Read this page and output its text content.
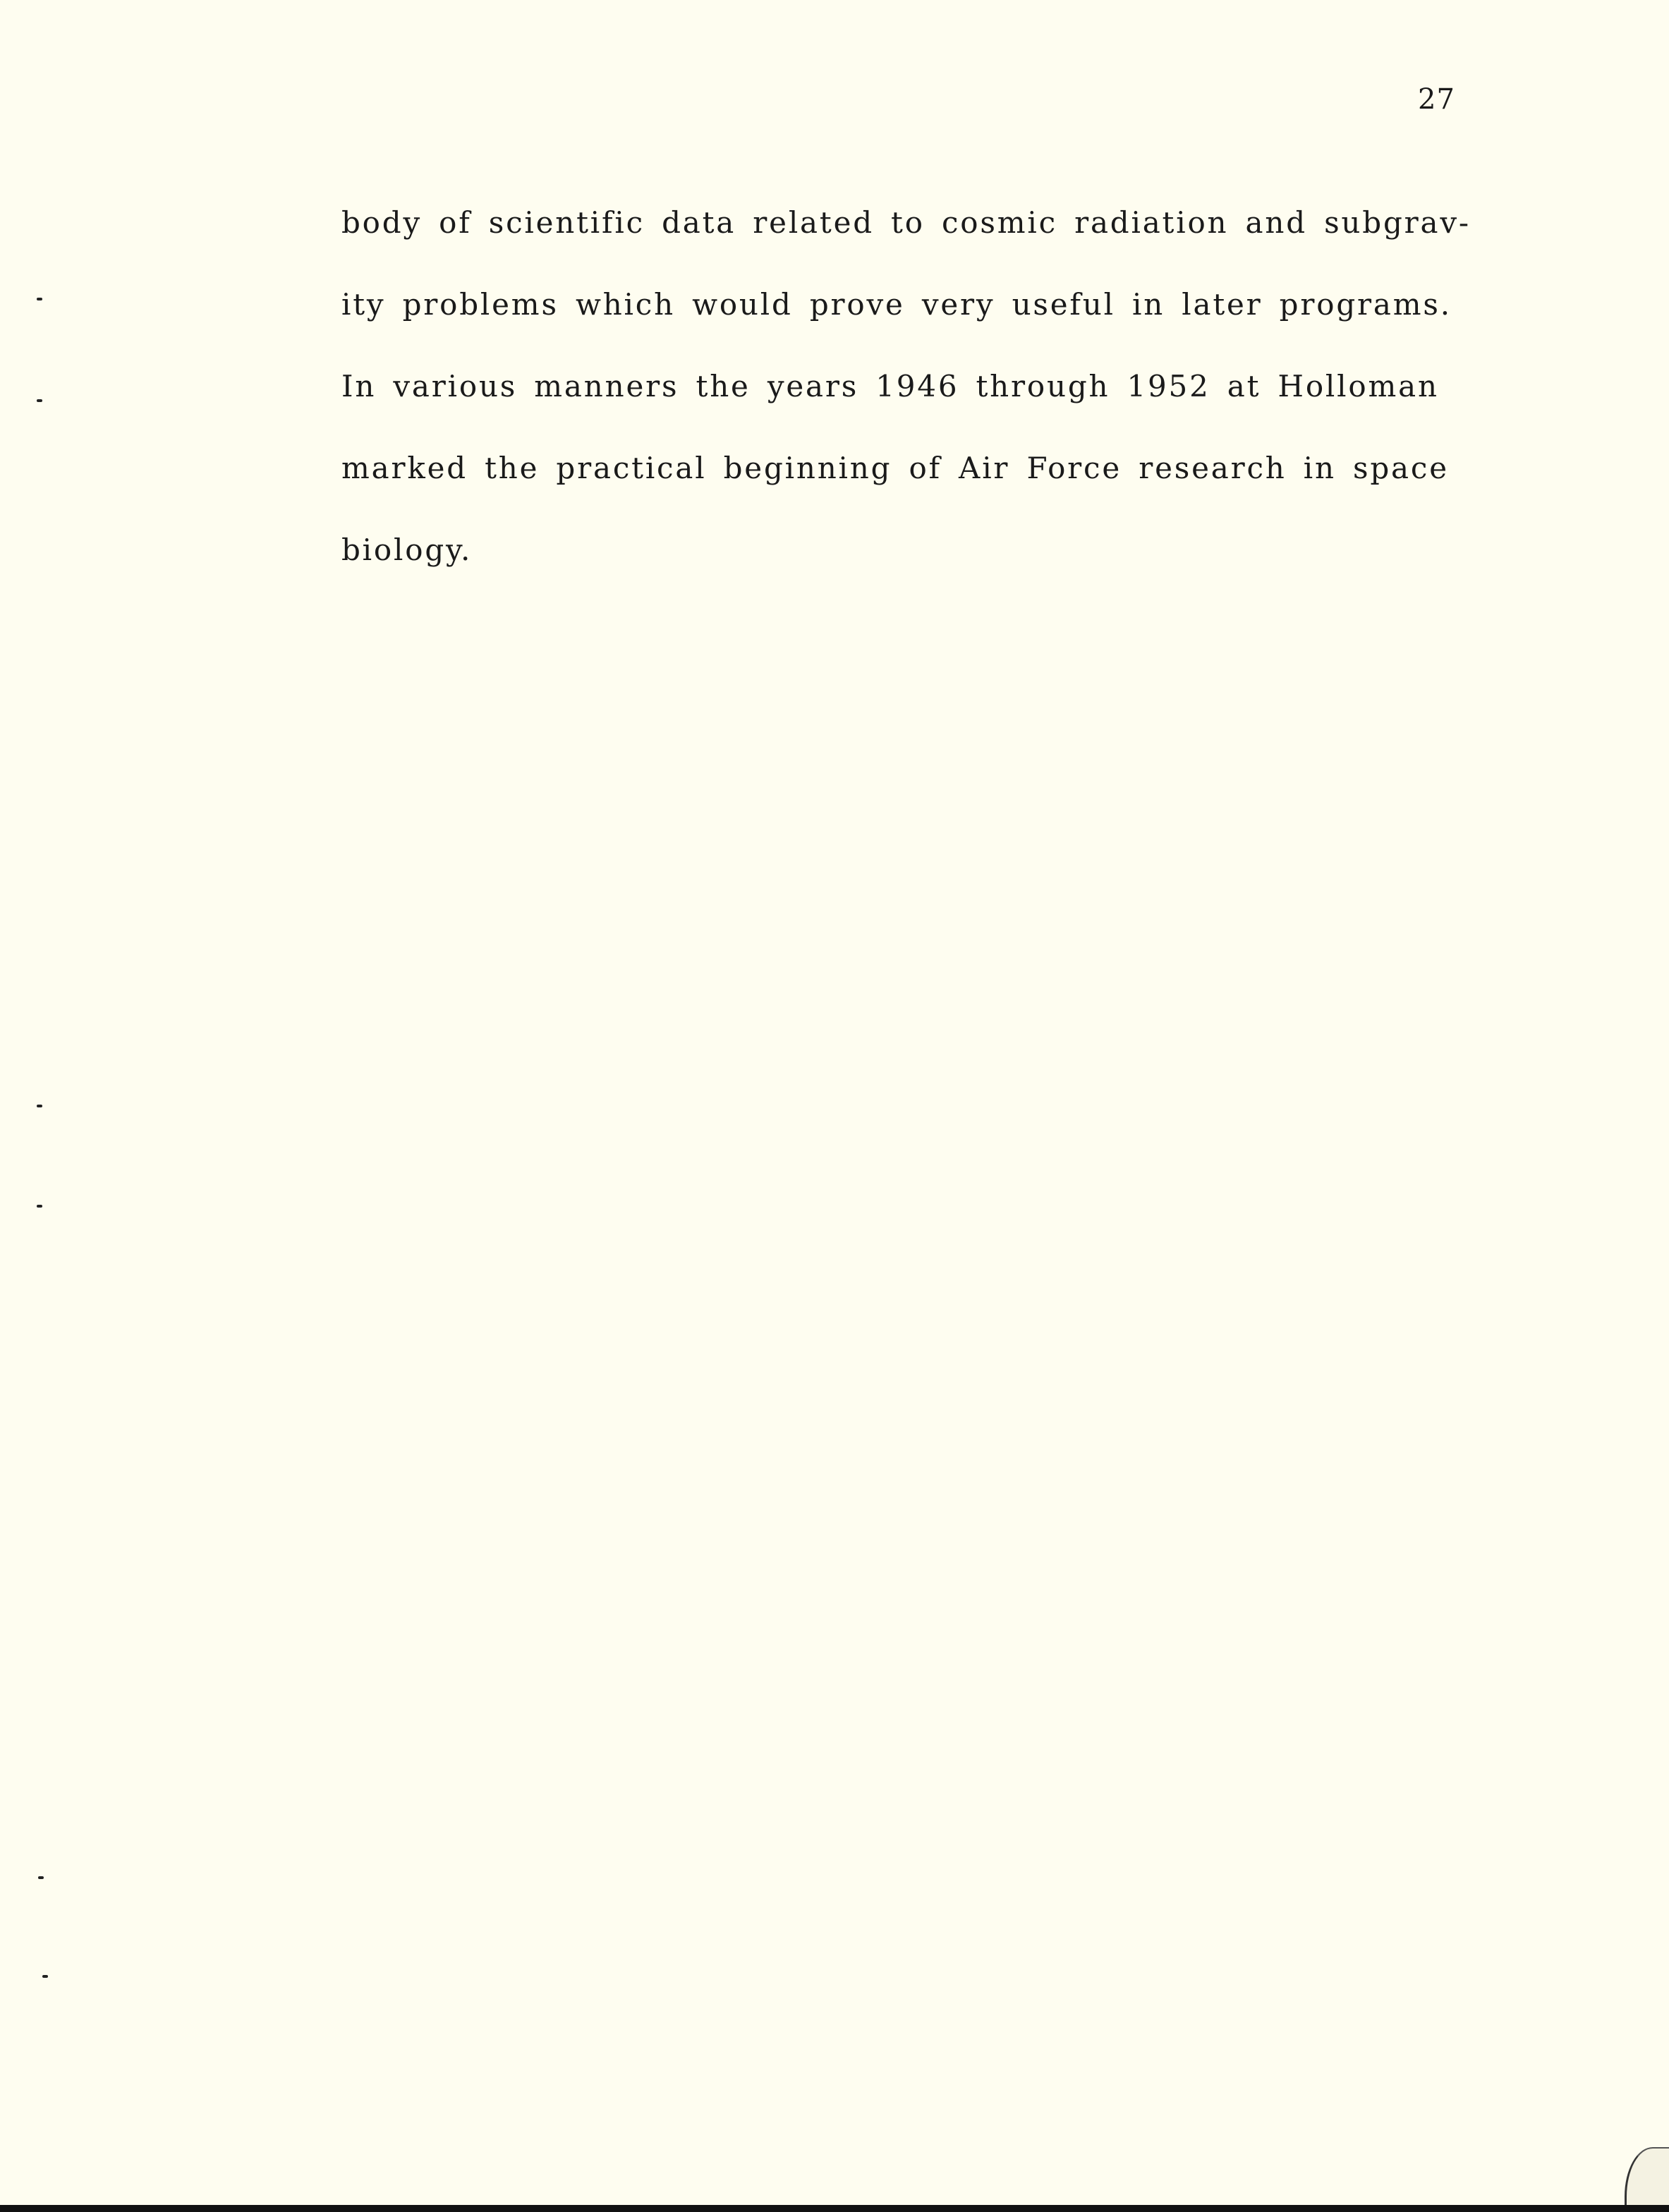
27
body of scientific data related to cosmic radiation and subgrav-
ity problems which would prove very useful in later programs.
In various manners the years 1946 through 1952 at Holloman
marked the practical beginning of Air Force research in space
biology.
